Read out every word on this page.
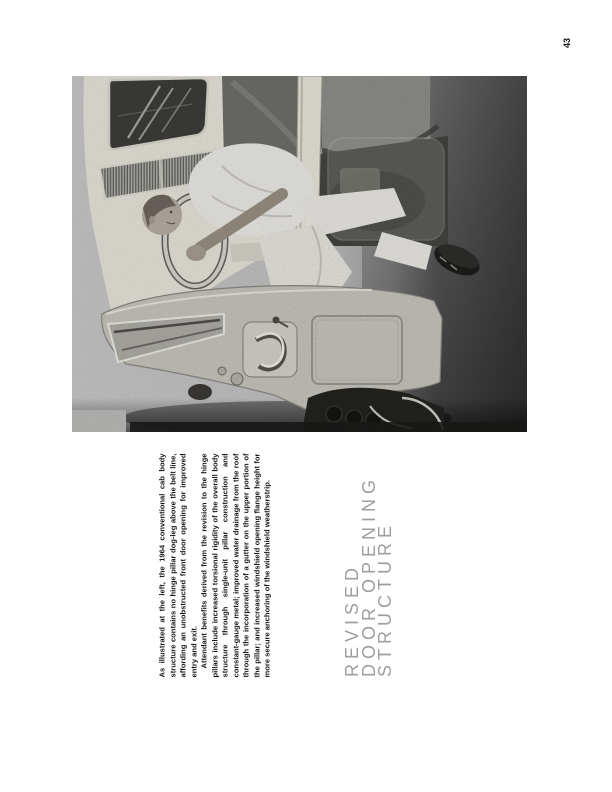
43

As illustrated at the left, the 1964 conventional cab body structure contains no hinge pillar dog-leg above the belt line, affording an unobstructed front door opening for improved entry and exit. Attendant benefits derived from the revision to the hinge pillars include increased torsional rigidity of the overall body structure through single-unit pillar construction and constant-gauge metal; improved water drainage from the roof through the incorporation of a gutter on the upper portion of the pillar; and increased windshield opening flange height for more secure anchoring of the windshield weatherstrip.	REVISED
DOOR OPENING
STRUCTURE
